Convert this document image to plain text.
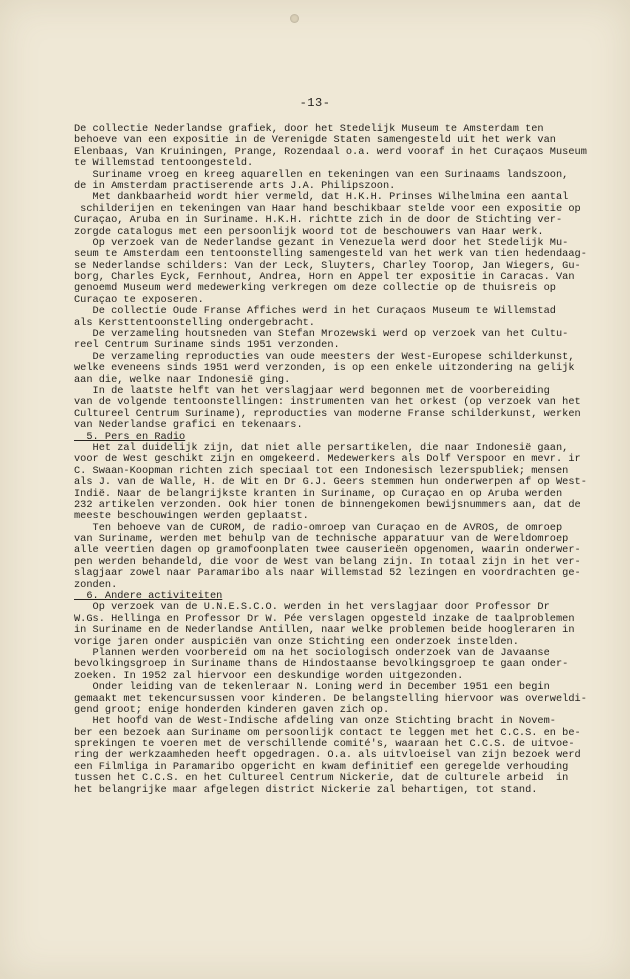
-13-
De collectie Nederlandse grafiek, door het Stedelijk Museum te Amsterdam ten
behoeve van een expositie in de Verenigde Staten samengesteld uit het werk van
Elenbaas, Van Kruiningen, Prange, Rozendaal o.a. werd vooraf in het Curaçaos Museum
te Willemstad tentoongesteld.
Suriname vroeg en kreeg aquarellen en tekeningen van een Surinaams landszoon,
de in Amsterdam practiserende arts J.A. Philipszoon.
Met dankbaarheid wordt hier vermeld, dat H.K.H. Prinses Wilhelmina een aantal
schilderijen en tekeningen van Haar hand beschikbaar stelde voor een expositie op
Curaçao, Aruba en in Suriname. H.K.H. richtte zich in de door de Stichting ver-
zorgde catalogus met een persoonlijk woord tot de beschouwers van Haar werk.
Op verzoek van de Nederlandse gezant in Venezuela werd door het Stedelijk Mu-
seum te Amsterdam een tentoonstelling samengesteld van het werk van tien hedendaag-
se Nederlandse schilders: Van der Leck, Sluyters, Charley Toorop, Jan Wiegers, Gu-
borg, Charles Eyck, Fernhout, Andrea, Horn en Appel ter expositie in Caracas. Van
genoemd Museum werd medewerking verkregen om deze collectie op de thuisreis op
Curaçao te exposeren.
De collectie Oude Franse Affiches werd in het Curaçaos Museum te Willemstad
als Kersttentoonstelling ondergebracht.
De verzameling houtsneden van Stefan Mrozewski werd op verzoek van het Cultu-
reel Centrum Suriname sinds 1951 verzonden.
De verzameling reproducties van oude meesters der West-Europese schilderkunst,
welke eveneens sinds 1951 werd verzonden, is op een enkele uitzondering na gelijk
aan die, welke naar Indonesië ging.
In de laatste helft van het verslagjaar werd begonnen met de voorbereiding
van de volgende tentoonstellingen: instrumenten van het orkest (op verzoek van het
Cultureel Centrum Suriname), reproducties van moderne Franse schilderkunst, werken
van Nederlandse grafici en tekenaars.
5. Pers en Radio
Het zal duidelijk zijn, dat niet alle persartikelen, die naar Indonesië gaan,
voor de West geschikt zijn en omgekeerd. Medewerkers als Dolf Verspoor en mevr. ir
C. Swaan-Koopman richten zich speciaal tot een Indonesisch lezerspubliek; mensen
als J. van de Walle, H. de Wit en Dr G.J. Geers stemmen hun onderwerpen af op West-
Indië. Naar de belangrijkste kranten in Suriname, op Curaçao en op Aruba werden
232 artikelen verzonden. Ook hier tonen de binnengekomen bewijsnummers aan, dat de
meeste beschouwingen werden geplaatst.
Ten behoeve van de CUROM, de radio-omroep van Curaçao en de AVROS, de omroep
van Suriname, werden met behulp van de technische apparatuur van de Wereldomroep
alle veertien dagen op gramofoonplaten twee causerieën opgenomen, waarin onderwer-
pen werden behandeld, die voor de West van belang zijn. In totaal zijn in het ver-
slagjaar zowel naar Paramaribo als naar Willemstad 52 lezingen en voordrachten ge-
zonden.
6. Andere activiteiten
Op verzoek van de U.N.E.S.C.O. werden in het verslagjaar door Professor Dr
W.Gs. Hellinga en Professor Dr W. Pée verslagen opgesteld inzake de taalproblemen
in Suriname en de Nederlandse Antillen, naar welke problemen beide hoogleraren in
vorige jaren onder auspiciën van onze Stichting een onderzoek instelden.
Plannen werden voorbereid om na het sociologisch onderzoek van de Javaanse
bevolkingsgroep in Suriname thans de Hindostaanse bevolkingsgroep te gaan onder-
zoeken. In 1952 zal hiervoor een deskundige worden uitgezonden.
Onder leiding van de tekenleraar N. Loning werd in December 1951 een begin
gemaakt met tekencursussen voor kinderen. De belangstelling hiervoor was overweldi-
gend groot; enige honderden kinderen gaven zich op.
Het hoofd van de West-Indische afdeling van onze Stichting bracht in Novem-
ber een bezoek aan Suriname om persoonlijk contact te leggen met het C.C.S. en be-
sprekingen te voeren met de verschillende comité's, waaraan het C.C.S. de uitvoe-
ring der werkzaamheden heeft opgedragen. O.a. als uitvloeisel van zijn bezoek werd
een Filmliga in Paramaribo opgericht en kwam definitief een geregelde verhouding
tussen het C.C.S. en het Cultureel Centrum Nickerie, dat de culturele arbeid  in
het belangrijke maar afgelegen district Nickerie zal behartigen, tot stand.
